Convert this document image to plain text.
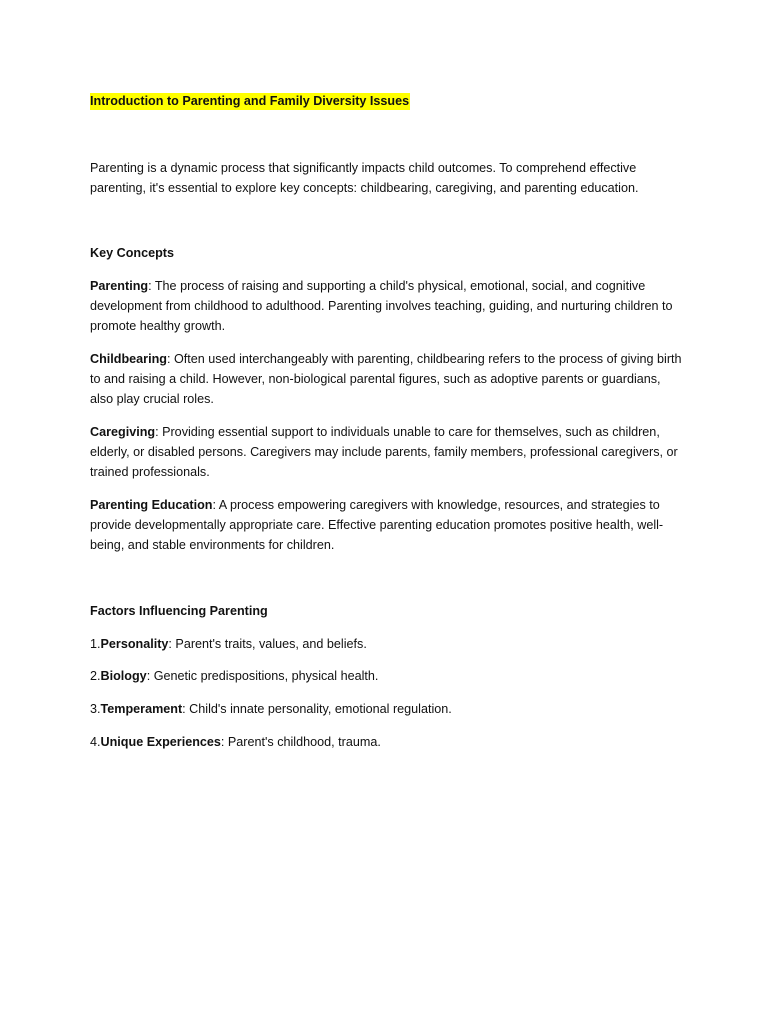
Introduction to Parenting and Family Diversity Issues

Parenting is a dynamic process that significantly impacts child outcomes. To comprehend effective parenting, it's essential to explore key concepts: childbearing, caregiving, and parenting education.

Key Concepts

Parenting: The process of raising and supporting a child's physical, emotional, social, and cognitive development from childhood to adulthood. Parenting involves teaching, guiding, and nurturing children to promote healthy growth.

Childbearing: Often used interchangeably with parenting, childbearing refers to the process of giving birth to and raising a child. However, non-biological parental figures, such as adoptive parents or guardians, also play crucial roles.

Caregiving: Providing essential support to individuals unable to care for themselves, such as children, elderly, or disabled persons. Caregivers may include parents, family members, professional caregivers, or trained professionals.

Parenting Education: A process empowering caregivers with knowledge, resources, and strategies to provide developmentally appropriate care. Effective parenting education promotes positive health, well-being, and stable environments for children.

Factors Influencing Parenting

1.Personality: Parent's traits, values, and beliefs.

2.Biology: Genetic predispositions, physical health.

3.Temperament: Child's innate personality, emotional regulation.

4.Unique Experiences: Parent's childhood, trauma.
